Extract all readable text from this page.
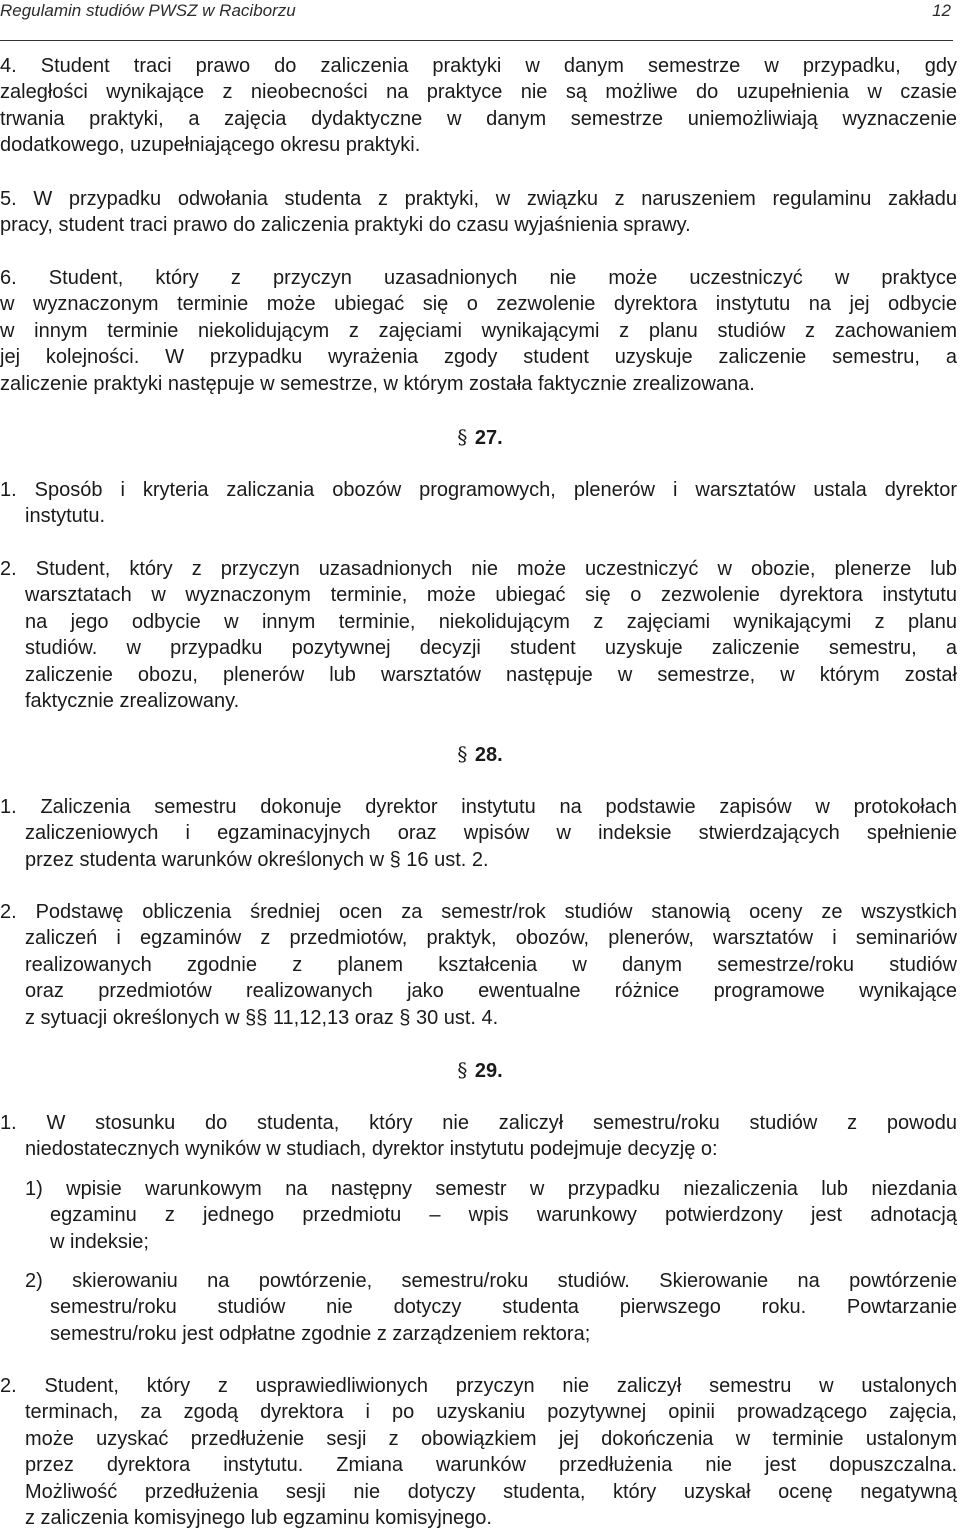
Regulamin studiów PWSZ w Raciborzu	12
4. Student traci prawo do zaliczenia praktyki w danym semestrze w przypadku, gdy
zaległości wynikające z nieobecności na praktyce nie są możliwe do uzupełnienia w czasie
trwania praktyki, a zajęcia dydaktyczne w danym semestrze uniemożliwiają wyznaczenie
dodatkowego, uzupełniającego okresu praktyki.
5. W przypadku odwołania studenta z praktyki, w związku z naruszeniem regulaminu zakładu
pracy, student traci prawo do zaliczenia praktyki do czasu wyjaśnienia sprawy.
6. Student, który z przyczyn uzasadnionych nie może uczestniczyć w praktyce
w wyznaczonym terminie może ubiegać się o zezwolenie dyrektora instytutu na jej odbycie
w innym terminie niekolidującym z zajęciami wynikającymi z planu studiów z zachowaniem
jej kolejności. W przypadku wyrażenia zgody student uzyskuje zaliczenie semestru, a
zaliczenie praktyki następuje w semestrze, w którym została faktycznie zrealizowana.
§ 27.
1. Sposób i kryteria zaliczania obozów programowych, plenerów i warsztatów ustala dyrektor
instytutu.
2. Student, który z przyczyn uzasadnionych nie może uczestniczyć w obozie, plenerze lub
warsztatach w wyznaczonym terminie, może ubiegać się o zezwolenie dyrektora instytutu
na jego odbycie w innym terminie, niekolidującym z zajęciami wynikającymi z planu
studiów. w przypadku pozytywnej decyzji student uzyskuje zaliczenie semestru, a
zaliczenie obozu, plenerów lub warsztatów następuje w semestrze, w którym został
faktycznie zrealizowany.
§ 28.
1. Zaliczenia semestru dokonuje dyrektor instytutu na podstawie zapisów w protokołach
zaliczeniowych i egzaminacyjnych oraz wpisów w indeksie stwierdzających spełnienie
przez studenta warunków określonych w § 16 ust. 2.
2. Podstawę obliczenia średniej ocen za semestr/rok studiów stanowią oceny ze wszystkich
zaliczeń i egzaminów z przedmiotów, praktyk, obozów, plenerów, warsztatów i seminariów
realizowanych zgodnie z planem kształcenia w danym semestrze/roku studiów
oraz przedmiotów realizowanych jako ewentualne różnice programowe wynikające
z sytuacji określonych w §§ 11,12,13 oraz § 30 ust. 4.
§ 29.
1. W stosunku do studenta, który nie zaliczył semestru/roku studiów z powodu
niedostatecznych wyników w studiach, dyrektor instytutu podejmuje decyzję o:
1) wpisie warunkowym na następny semestr w przypadku niezaliczenia lub niezdania
egzaminu z jednego przedmiotu – wpis warunkowy potwierdzony jest adnotacją
w indeksie;
2) skierowaniu na powtórzenie, semestru/roku studiów. Skierowanie na powtórzenie
semestru/roku studiów nie dotyczy studenta pierwszego roku. Powtarzanie
semestru/roku jest odpłatne zgodnie z zarządzeniem rektora;
2. Student, który z usprawiedliwionych przyczyn nie zaliczył semestru w ustalonych
terminach, za zgodą dyrektora i po uzyskaniu pozytywnej opinii prowadzącego zajęcia,
może uzyskać przedłużenie sesji z obowiązkiem jej dokończenia w terminie ustalonym
przez dyrektora instytutu. Zmiana warunków przedłużenia nie jest dopuszczalna.
Możliwość przedłużenia sesji nie dotyczy studenta, który uzyskał ocenę negatywną
z zaliczenia komisyjnego lub egzaminu komisyjnego.
